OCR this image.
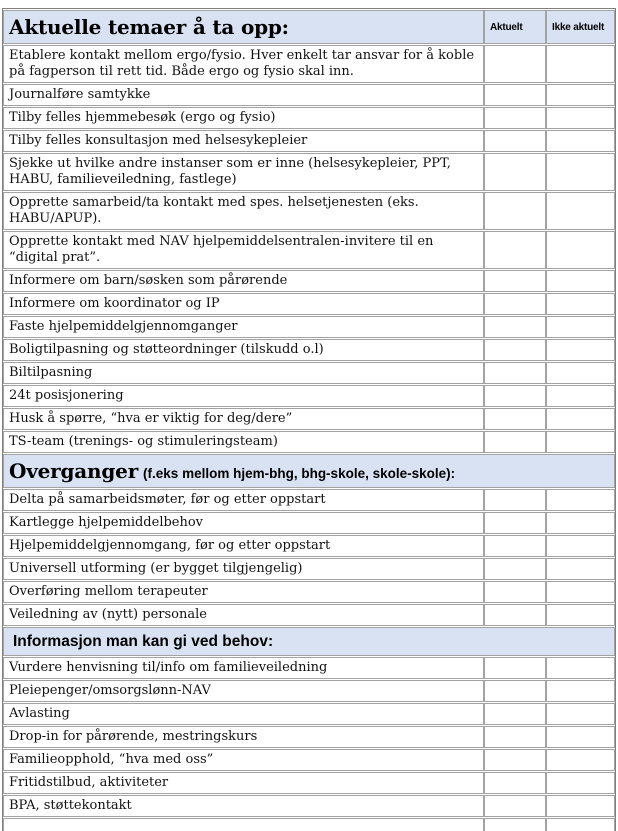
Aktuelle temaer å ta opp:	Aktuelt	Ikke aktuelt
Etablere kontakt mellom ergo/fysio. Hver enkelt tar ansvar for å koble på fagperson til rett tid. Både ergo og fysio skal inn.		
Journalføre samtykke		
Tilby felles hjemmebesøk (ergo og fysio)		
Tilby felles konsultasjon med helsesykepleier		
Sjekke ut hvilke andre instanser som er inne (helsesykepleier, PPT, HABU, familieveiledning, fastlege)		
Opprette samarbeid/ta kontakt med spes. helsetjenesten (eks. HABU/APUP).		
Opprette kontakt med NAV hjelpemiddelsentralen-invitere til en “digital prat”.		
Informere om barn/søsken som pårørende		
Informere om koordinator og IP		
Faste hjelpemiddelgjennomganger		
Boligtilpasning og støtteordninger (tilskudd o.l)		
Biltilpasning		
24t posisjonering		
Husk å spørre, “hva er viktig for deg/dere”		
TS-team (trenings- og stimuleringsteam)		
Overganger (f.eks mellom hjem-bhg, bhg-skole, skole-skole):		
Delta på samarbeidsmøter, før og etter oppstart		
Kartlegge hjelpemiddelbehov		
Hjelpemiddelgjennomgang, før og etter oppstart		
Universell utforming (er bygget tilgjengelig)		
Overføring mellom terapeuter		
Veiledning av (nytt) personale		
Informasjon man kan gi ved behov:		
Vurdere henvisning til/info om familieveiledning		
Pleiepenger/omsorgslønn-NAV		
Avlasting		
Drop-in for pårørende, mestringskurs		
Familieopphold, “hva med oss”		
Fritidstilbud, aktiviteter		
BPA, støttekontakt		
